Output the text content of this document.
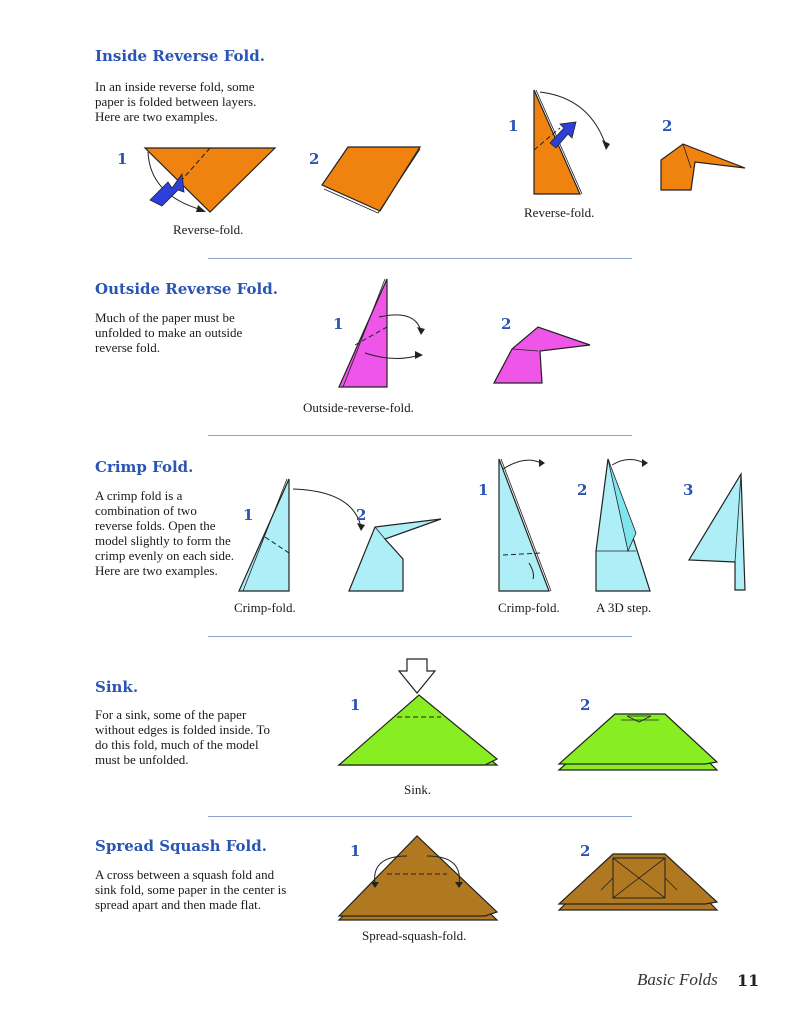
Inside Reverse Fold.

In an inside reverse fold, some paper is folded between layers. Here are two examples.

1
Reverse-fold.
2
1
Reverse-fold.
2
Outside Reverse Fold.

Much of the paper must be unfolded to make an outside reverse fold.

1	2
Outside-reverse-fold.
Crimp Fold.

A crimp fold is a combination of two reverse folds. Open the model slightly to form the crimp evenly on each side. Here are two examples.

1	2
Crimp-fold.
1
Crimp-fold.
2
A 3D step.
3
Sink.

For a sink, some of the paper without edges is folded inside. To do this fold, much of the model must be unfolded.

1
Sink.
2
Spread Squash Fold.

A cross between a squash fold and sink fold, some paper in the center is spread apart and then made flat.

1
Spread-squash-fold.
2
Basic Folds 11
